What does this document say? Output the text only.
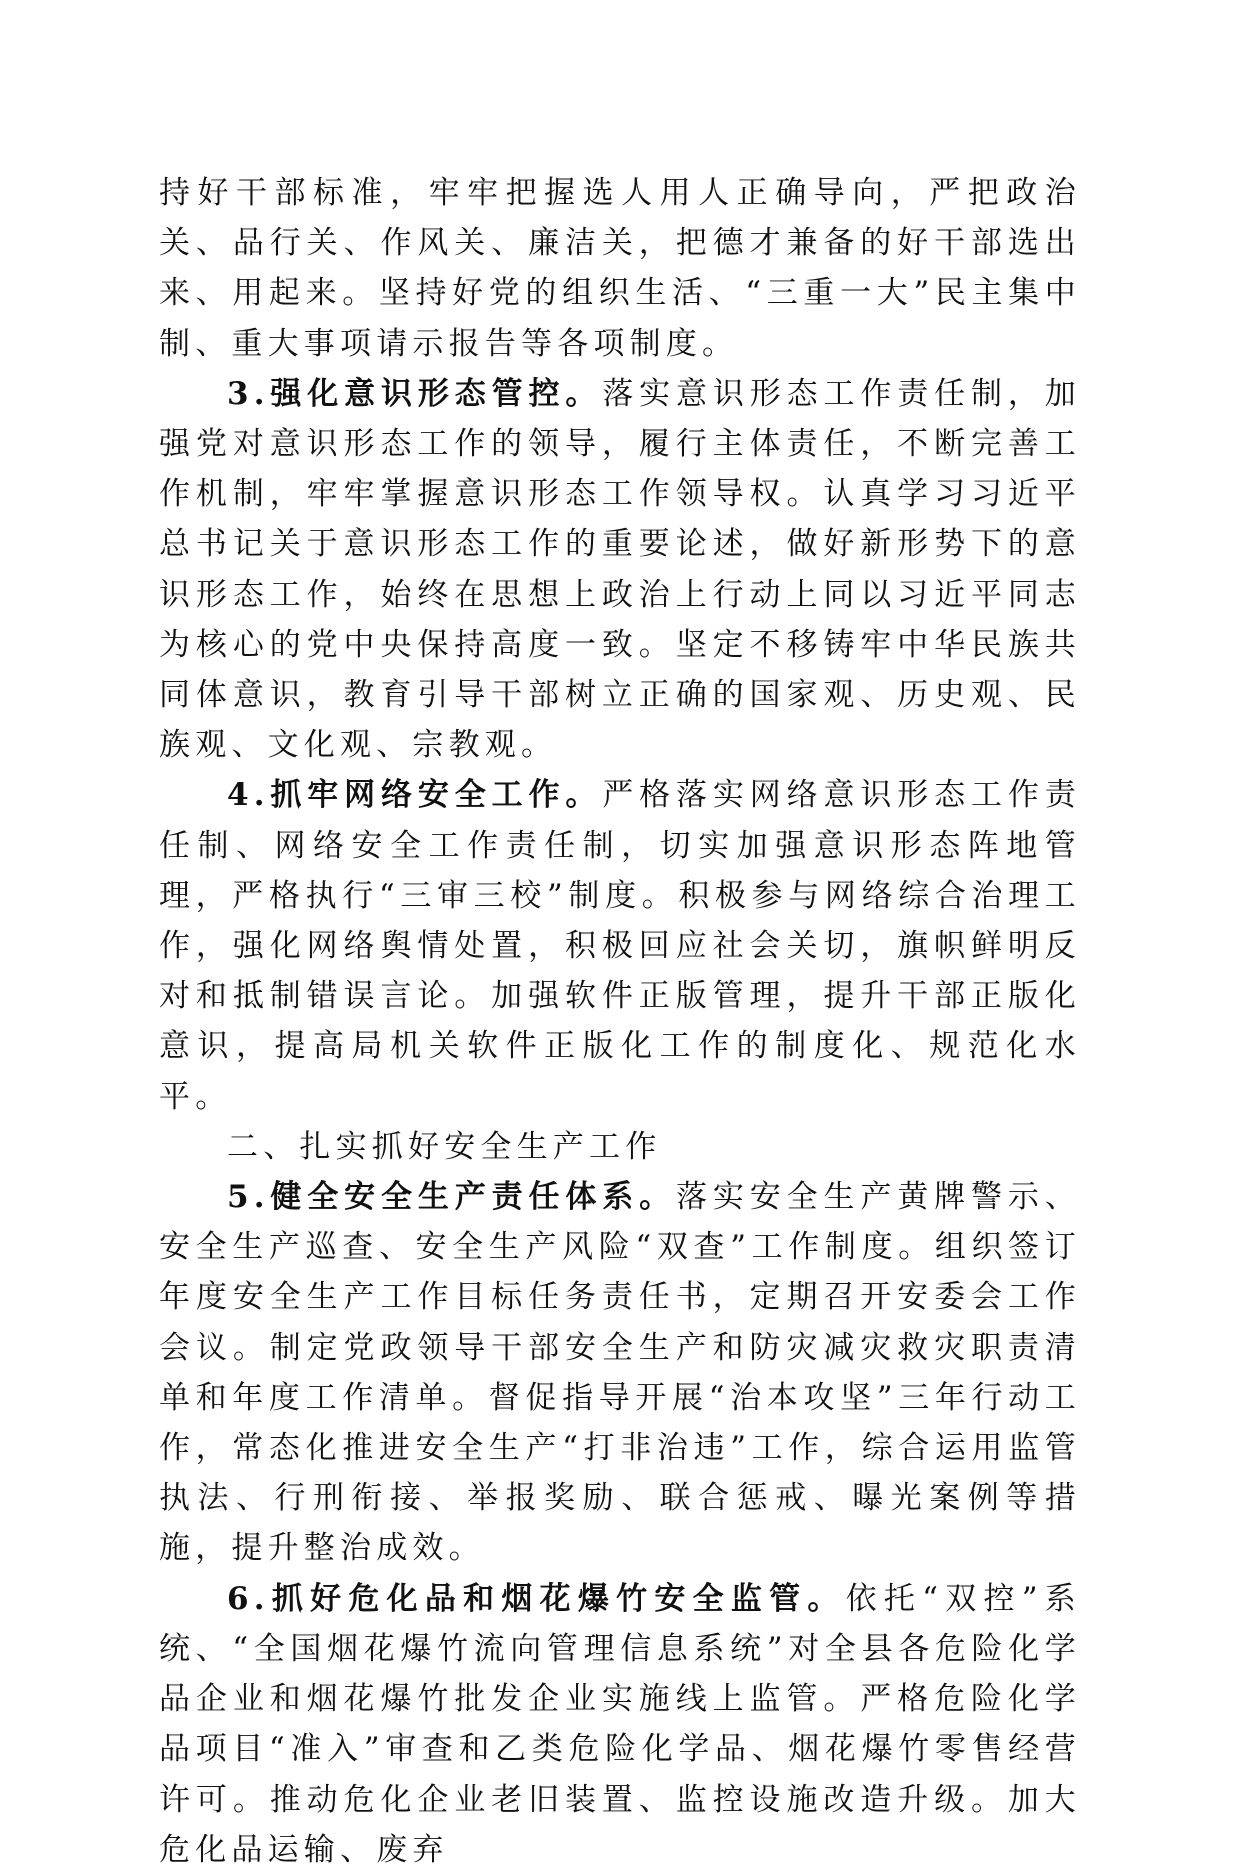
持好干部标准，牢牢把握选人用人正确导向，严把政治关、品行关、作风关、廉洁关，把德才兼备的好干部选出来、用起来。坚持好党的组织生活、“三重一大”民主集中制、重大事项请示报告等各项制度。

3.强化意识形态管控。落实意识形态工作责任制，加强党对意识形态工作的领导，履行主体责任，不断完善工作机制，牢牢掌握意识形态工作领导权。认真学习习近平总书记关于意识形态工作的重要论述，做好新形势下的意识形态工作，始终在思想上政治上行动上同以习近平同志为核心的党中央保持高度一致。坚定不移铸牢中华民族共同体意识，教育引导干部树立正确的国家观、历史观、民族观、文化观、宗教观。

4.抓牢网络安全工作。严格落实网络意识形态工作责任制、网络安全工作责任制，切实加强意识形态阵地管理，严格执行“三审三校”制度。积极参与网络综合治理工作，强化网络舆情处置，积极回应社会关切，旗帜鲜明反对和抵制错误言论。加强软件正版管理，提升干部正版化意识，提高局机关软件正版化工作的制度化、规范化水平。

二、扎实抓好安全生产工作

5.健全安全生产责任体系。落实安全生产黄牌警示、安全生产巡查、安全生产风险“双查”工作制度。组织签订年度安全生产工作目标任务责任书，定期召开安委会工作会议。制定党政领导干部安全生产和防灾减灾救灾职责清单和年度工作清单。督促指导开展“治本攻坚”三年行动工作，常态化推进安全生产“打非治违”工作，综合运用监管执法、行刑衔接、举报奖励、联合惩戒、曝光案例等措施，提升整治成效。

6.抓好危化品和烟花爆竹安全监管。依托“双控”系统、“全国烟花爆竹流向管理信息系统”对全县各危险化学品企业和烟花爆竹批发企业实施线上监管。严格危险化学品项目“准入”审查和乙类危险化学品、烟花爆竹零售经营许可。推动危化企业老旧装置、监控设施改造升级。加大危化品运输、废弃
